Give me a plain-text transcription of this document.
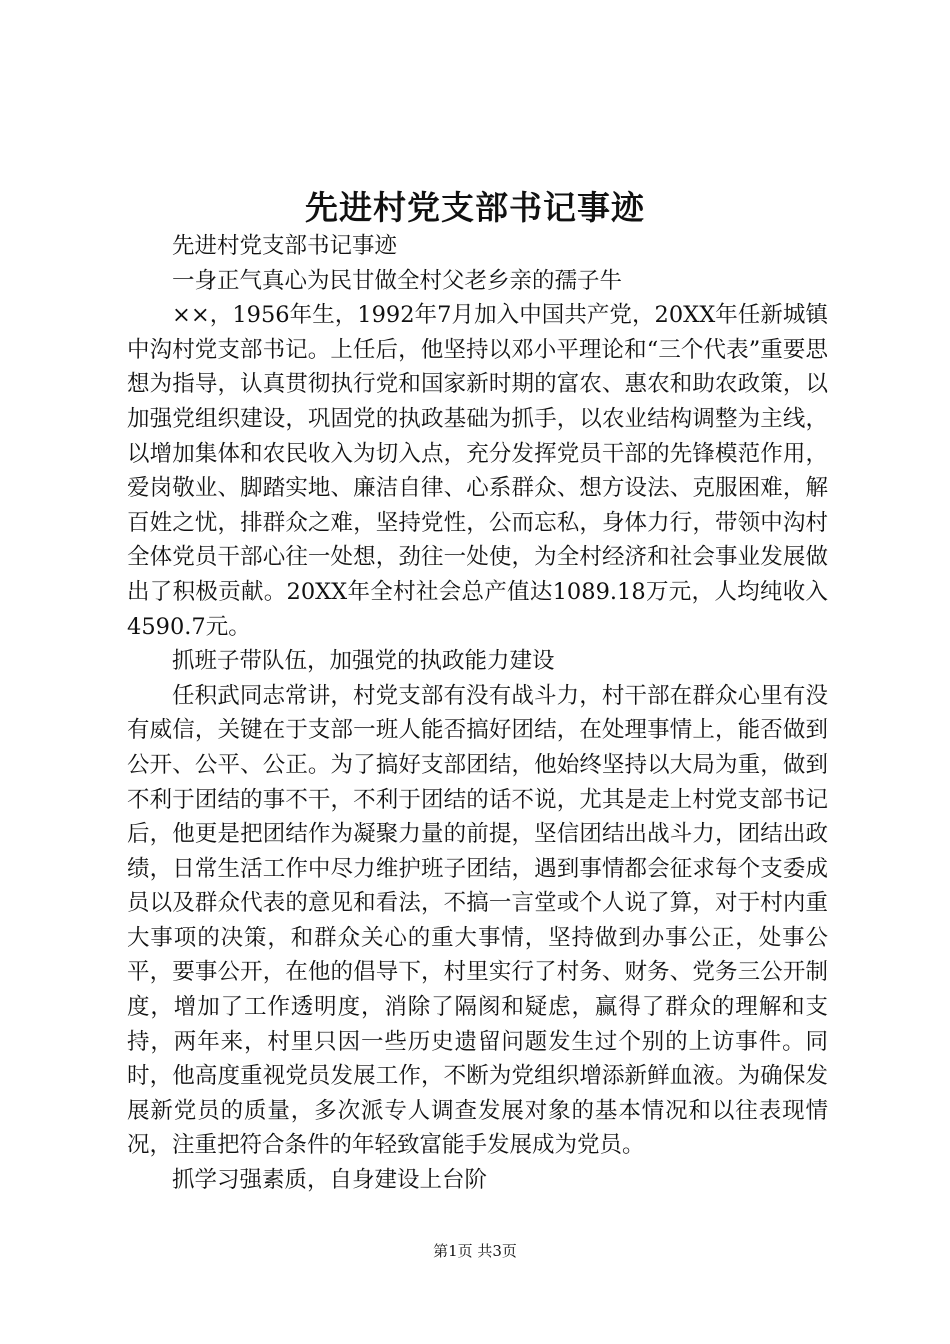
先进村党支部书记事迹

先进村党支部书记事迹

一身正气真心为民甘做全村父老乡亲的孺子牛

××，1956年生，1992年7月加入中国共产党，20XX年任新城镇中沟村党支部书记。上任后，他坚持以邓小平理论和“三个代表”重要思想为指导，认真贯彻执行党和国家新时期的富农、惠农和助农政策，以加强党组织建设，巩固党的执政基础为抓手，以农业结构调整为主线，以增加集体和农民收入为切入点，充分发挥党员干部的先锋模范作用，爱岗敬业、脚踏实地、廉洁自律、心系群众、想方设法、克服困难，解百姓之忧，排群众之难，坚持党性，公而忘私，身体力行，带领中沟村全体党员干部心往一处想，劲往一处使，为全村经济和社会事业发展做出了积极贡献。20XX年全村社会总产值达1089.18万元，人均纯收入4590.7元。

抓班子带队伍，加强党的执政能力建设

任积武同志常讲，村党支部有没有战斗力，村干部在群众心里有没有威信，关键在于支部一班人能否搞好团结，在处理事情上，能否做到公开、公平、公正。为了搞好支部团结，他始终坚持以大局为重，做到不利于团结的事不干，不利于团结的话不说，尤其是走上村党支部书记后，他更是把团结作为凝聚力量的前提，坚信团结出战斗力，团结出政绩，日常生活工作中尽力维护班子团结，遇到事情都会征求每个支委成员以及群众代表的意见和看法，不搞一言堂或个人说了算，对于村内重大事项的决策，和群众关心的重大事情，坚持做到办事公正，处事公平，要事公开，在他的倡导下，村里实行了村务、财务、党务三公开制度，增加了工作透明度，消除了隔阂和疑虑，赢得了群众的理解和支持，两年来，村里只因一些历史遗留问题发生过个别的上访事件。同时，他高度重视党员发展工作，不断为党组织增添新鲜血液。为确保发展新党员的质量，多次派专人调查发展对象的基本情况和以往表现情况，注重把符合条件的年轻致富能手发展成为党员。

抓学习强素质，自身建设上台阶

第1页 共3页
